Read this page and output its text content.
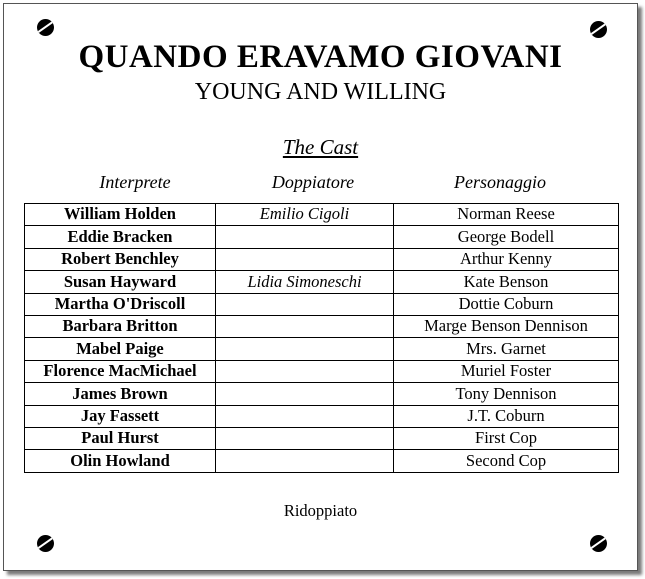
QUANDO ERAVAMO GIOVANI
YOUNG AND WILLING
The Cast
Interprete	Doppiatore	Personaggio
William Holden	Emilio Cigoli	Norman Reese
Eddie Bracken		George Bodell
Robert Benchley		Arthur Kenny
Susan Hayward	Lidia Simoneschi	Kate Benson
Martha O'Driscoll		Dottie Coburn
Barbara Britton		Marge Benson Dennison
Mabel Paige		Mrs. Garnet
Florence MacMichael		Muriel Foster
James Brown		Tony Dennison
Jay Fassett		J.T. Coburn
Paul Hurst		First Cop
Olin Howland		Second Cop
Ridoppiato
